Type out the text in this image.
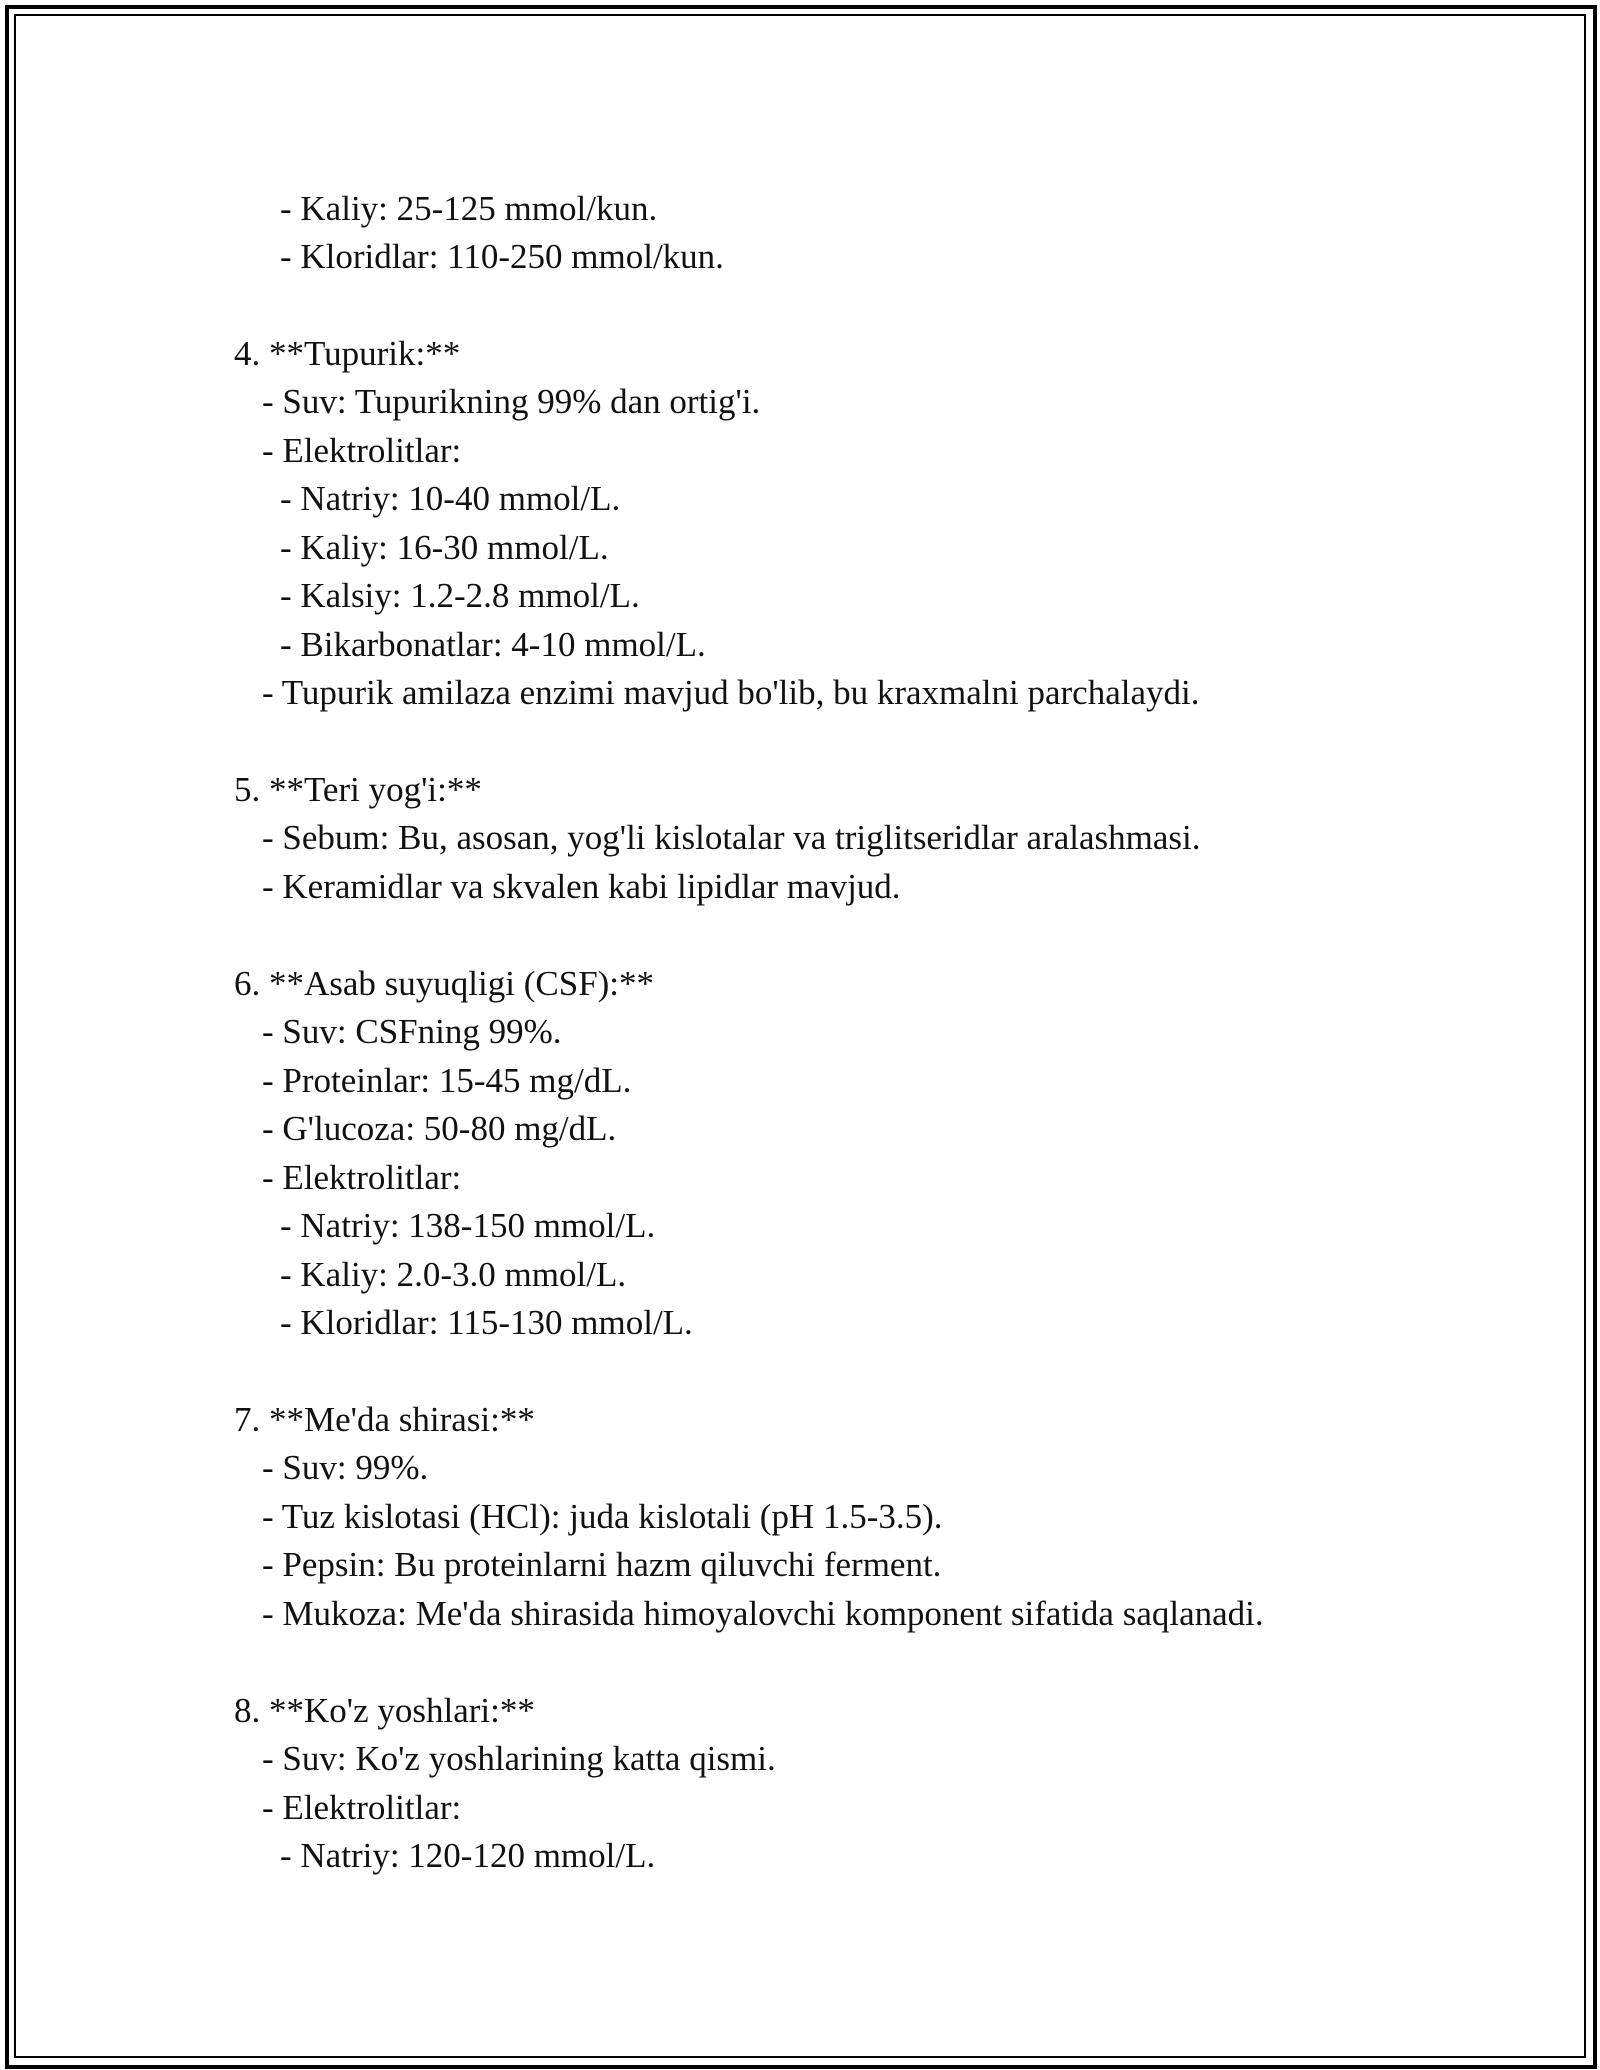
- Kaliy: 25-125 mmol/kun.
- Kloridlar: 110-250 mmol/kun.
4. **Tupurik:**
- Suv: Tupurikning 99% dan ortig'i.
- Elektrolitlar:
- Natriy: 10-40 mmol/L.
- Kaliy: 16-30 mmol/L.
- Kalsiy: 1.2-2.8 mmol/L.
- Bikarbonatlar: 4-10 mmol/L.
- Tupurik amilaza enzimi mavjud bo'lib, bu kraxmalni parchalaydi.
5. **Teri yog'i:**
- Sebum: Bu, asosan, yog'li kislotalar va triglitseridlar aralashmasi.
- Keramidlar va skvalen kabi lipidlar mavjud.
6. **Asab suyuqligi (CSF):**
- Suv: CSFning 99%.
- Proteinlar: 15-45 mg/dL.
- G'lucoza: 50-80 mg/dL.
- Elektrolitlar:
- Natriy: 138-150 mmol/L.
- Kaliy: 2.0-3.0 mmol/L.
- Kloridlar: 115-130 mmol/L.
7. **Me'da shirasi:**
- Suv: 99%.
- Tuz kislotasi (HCl): juda kislotali (pH 1.5-3.5).
- Pepsin: Bu proteinlarni hazm qiluvchi ferment.
- Mukoza: Me'da shirasida himoyalovchi komponent sifatida saqlanadi.
8. **Ko'z yoshlari:**
- Suv: Ko'z yoshlarining katta qismi.
- Elektrolitlar:
- Natriy: 120-120 mmol/L.
